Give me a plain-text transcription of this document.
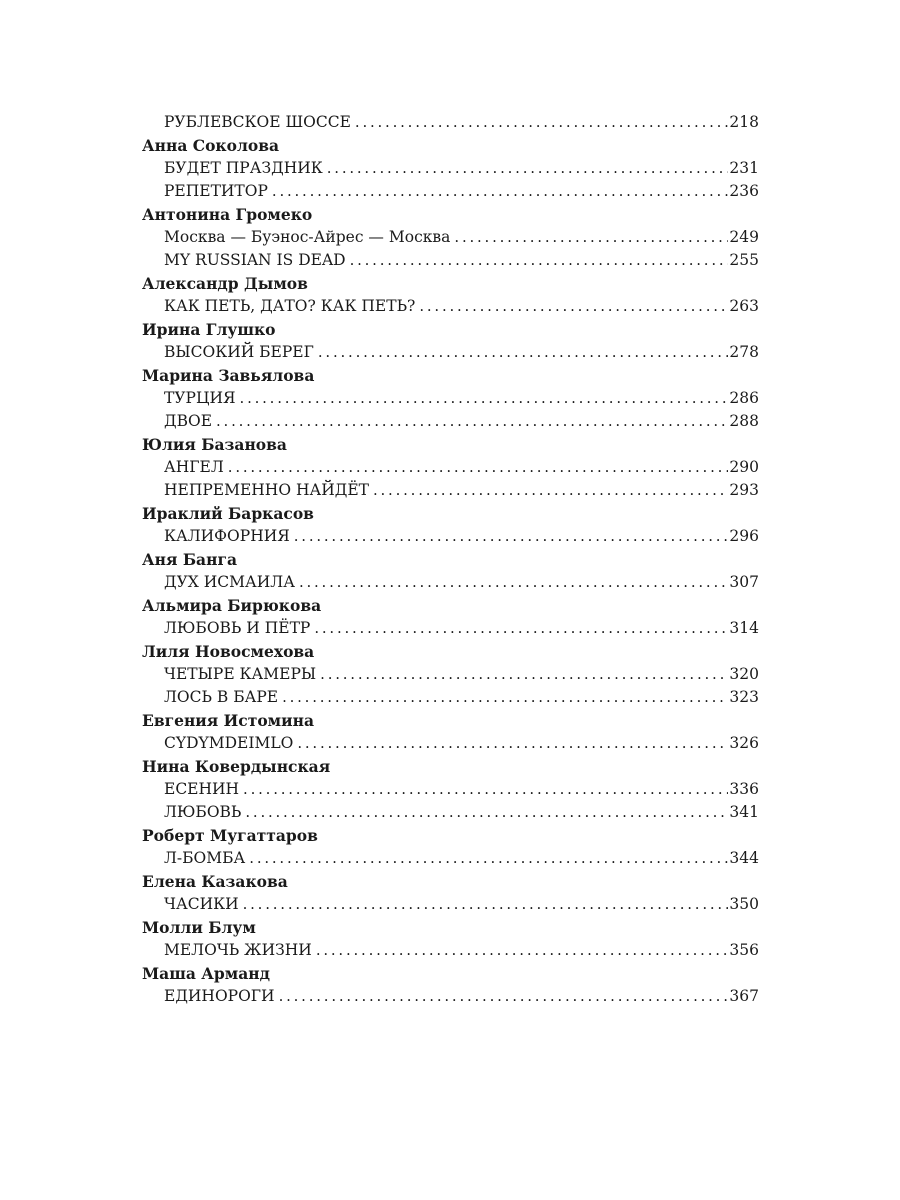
РУБЛЕВСКОЕ ШОССЕ . . .	218
Анна Соколова
БУДЕТ ПРАЗДНИК . . .	231
РЕПЕТИТОР . . .	236
Антонина Громеко
Москва — Буэнос-Айрес — Москва . . .	249
MY RUSSIAN IS DEAD . . .	255
Александр Дымов
КАК ПЕТЬ, ДАТО? КАК ПЕТЬ? . . .	263
Ирина Глушко
ВЫСОКИЙ БЕРЕГ . . .	278
Марина Завьялова
ТУРЦИЯ . . .	286
ДВОЕ . . .	288
Юлия Базанова
АНГЕЛ . . .	290
НЕПРЕМЕННО НАЙДЁТ . . .	293
Ираклий Баркасов
КАЛИФОРНИЯ . . .	296
Аня Банга
ДУХ ИСМАИЛА . . .	307
Альмира Бирюкова
ЛЮБОВЬ И ПЁТР . . .	314
Лиля Новосмехова
ЧЕТЫРЕ КАМЕРЫ . . .	320
ЛОСЬ В БАРЕ . . .	323
Евгения Истомина
CYDYMDEIMLO . . .	326
Нина Ковердынская
ЕСЕНИН . . .	336
ЛЮБОВЬ . . .	341
Роберт Мугаттаров
Л-БОМБА . . .	344
Елена Казакова
ЧАСИКИ . . .	350
Молли Блум
МЕЛОЧЬ ЖИЗНИ . . .	356
Маша Арманд
ЕДИНОРОГИ . . .	367
